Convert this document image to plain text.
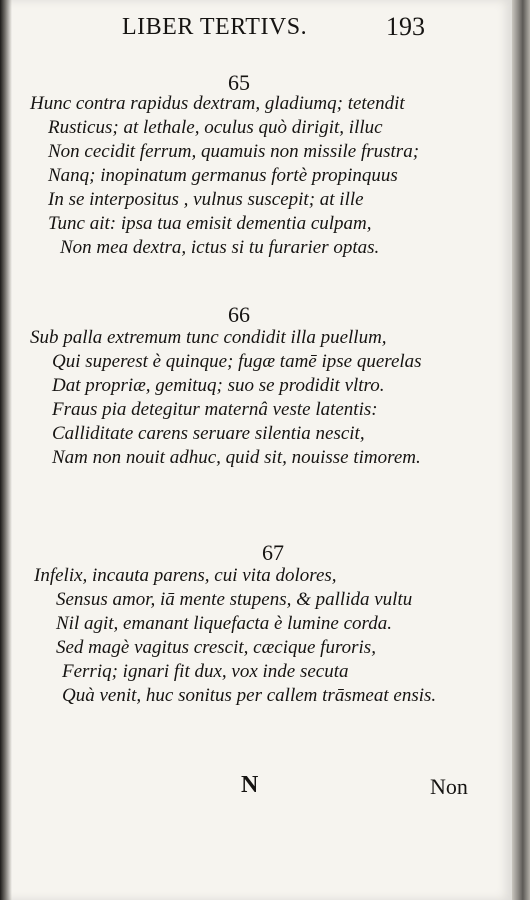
LIBER TERTIVS.	193
65
Hunc contra rapidus dextram, gladiumq; tetendit
Rusticus; at lethale, oculus quò dirigit, illuc
Non cecidit ferrum, quamuis non missile frustra;
Nanq; inopinatum germanus fortè propinquus
In se interpositus , vulnus suscepit; at ille
Tunc ait: ipsa tua emisit dementia culpam,
Non mea dextra, ictus si tu furarier optas.
66
Sub palla extremum tunc condidit illa puellum,
Qui superest è quinque; fugæ tamē ipse querelas
Dat propriæ, gemituq; suo se prodidit vltro.
Fraus pia detegitur maternâ veste latentis:
Calliditate carens seruare silentia nescit,
Nam non nouit adhuc, quid sit, nouisse timorem.
67
Infelix, incauta parens, cui vita dolores,
Sensus amor, iā mente stupens, & pallida vultu
Nil agit, emanant liquefacta è lumine corda.
Sed magè vagitus crescit, cæcique furoris,
Ferriq; ignari fit dux, vox inde secuta
Quà venit, huc sonitus per callem trāsmeat ensis.
N	Non
